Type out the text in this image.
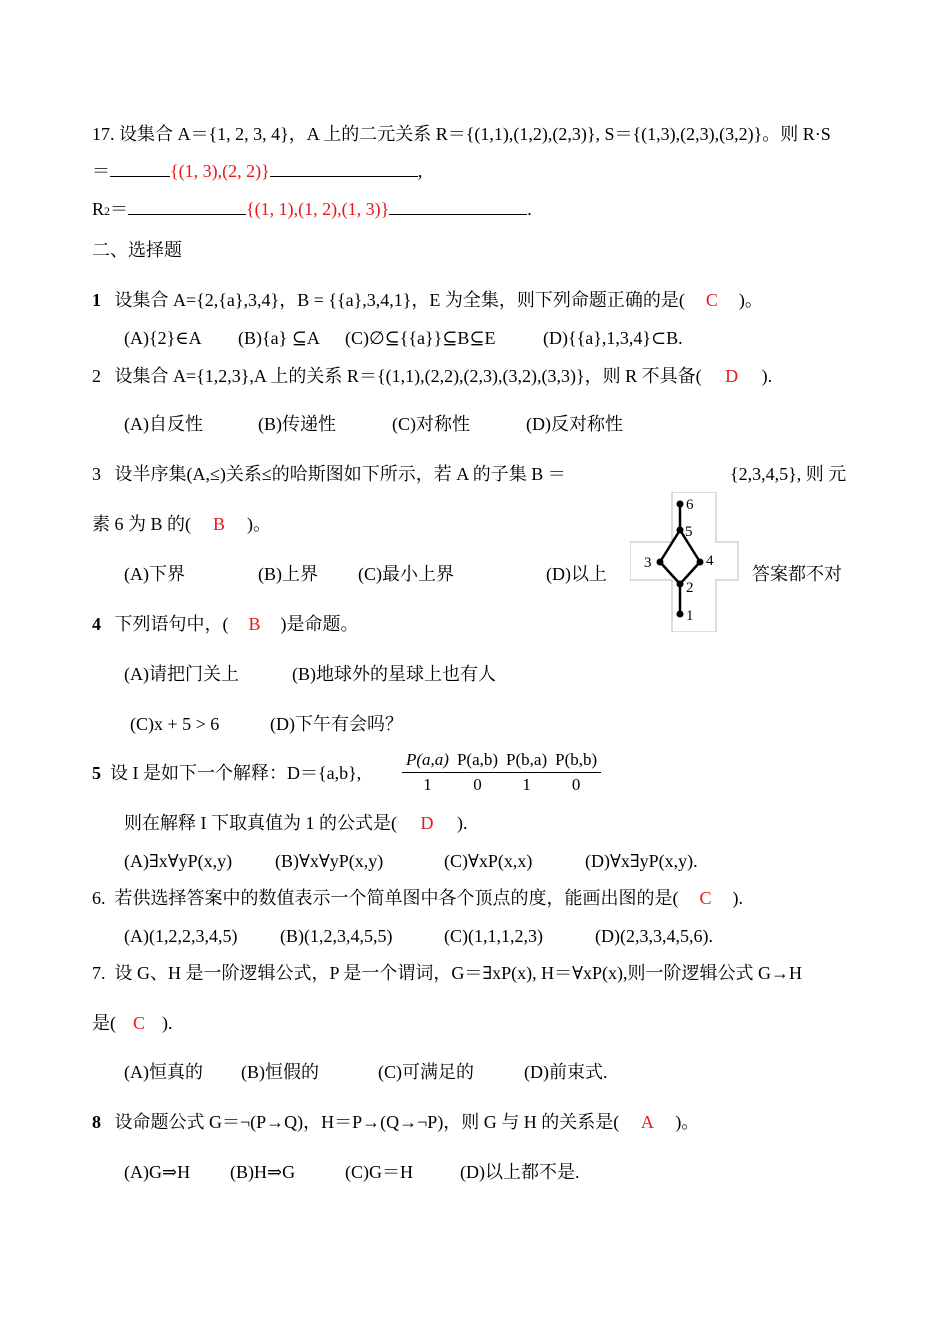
17. 设集合 A＝{1, 2, 3, 4}，A 上的二元关系 R＝{(1,1),(1,2),(2,3)}, S＝{(1,3),(2,3),(3,2)}。则 R·S
＝	{(1, 3),(2, 2)}	,
R2＝	{(1, 1),(1, 2),(1, 3)}	.
二、选择题
1 设集合 A={2,{a},3,4}，B = {{a},3,4,1}，E 为全集，则下列命题正确的是( C )。
(A){2}∈A (B){a} ⊆A (C)∅⊆{{a}}⊆B⊆E	(D){{a},1,3,4}⊂B.
2 设集合 A={1,2,3},A 上的关系 R＝{(1,1),(2,2),(2,3),(3,2),(3,3)}，则 R 不具备( D ).
(A)自反性	(B)传递性	(C)对称性	(D)反对称性
3 设半序集(A,≤)关系≤的哈斯图如下所示，若 A 的子集 B ＝	{2,3,4,5}, 则 元
素 6 为 B 的( B )。
(A)下界	(B)上界 (C)最小上界	(D)以上	答案都不对
6
5
3	4
2
1
4 下列语句中，( B )是命题。
(A)请把门关上	(B)地球外的星球上也有人
(C)x + 5 > 6	(D)下午有会吗？
5 设 I 是如下一个解释：D＝{a,b},
P(a,a)	P(a,b)	P(b,a)	P(b,b)
1	0	1	0
则在解释 I 下取真值为 1 的公式是( D ).
(A)∃x∀yP(x,y) (B)∀x∀yP(x,y)	(C)∀xP(x,x)	(D)∀x∃yP(x,y).
6. 若供选择答案中的数值表示一个简单图中各个顶点的度，能画出图的是( C ).
(A)(1,2,2,3,4,5) (B)(1,2,3,4,5,5)	(C)(1,1,1,2,3)	(D)(2,3,3,4,5,6).
7. 设 G、H 是一阶逻辑公式，P 是一个谓词，G＝∃xP(x), H＝∀xP(x),则一阶逻辑公式 G→H
是( C ).
(A)恒真的 (B)恒假的	(C)可满足的	(D)前束式.
8 设命题公式 G＝¬(P→Q)，H＝P→(Q→¬P)，则 G 与 H 的关系是( A )。
(A)G⇒H (B)H⇒G	(C)G＝H	(D)以上都不是.
